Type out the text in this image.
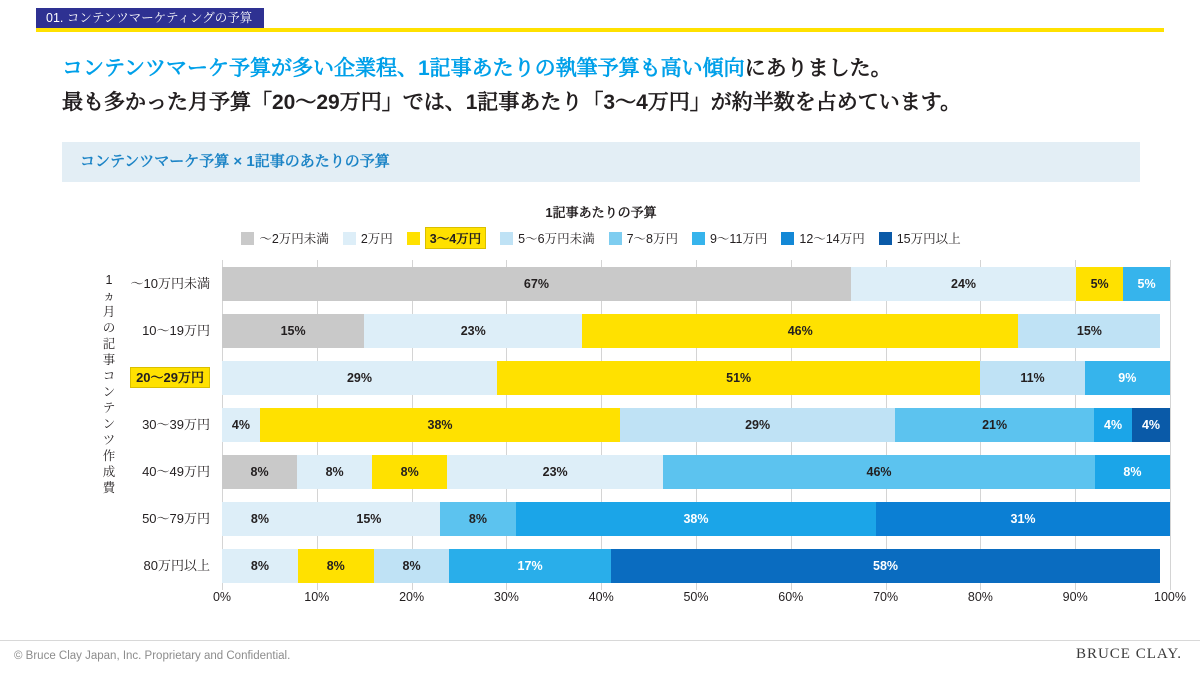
01. コンテンツマーケティングの予算
コンテンツマーケ予算が多い企業程、1記事あたりの執筆予算も高い傾向にありました。
最も多かった月予算「20〜29万円」では、1記事あたり「3〜4万円」が約半数を占めています。
コンテンツマーケ予算 × 1記事のあたりの予算
1記事あたりの予算
〜2万円未満	2万円	3〜4万円	5〜6万円未満	7〜8万円	9〜11万円	12〜14万円	15万円以上
1
ヵ
月
の
記
事
コ
ン
テ
ン
ツ
作
成
費
67%	24%	5%	5%
〜10万円未満
15%	23%	46%	15%
10〜19万円
29%	51%	11%	9%
20〜29万円
4%	38%	29%	21%	4%	4%
30〜39万円
8%	8%	8%	23%	46%	8%
40〜49万円
8%	15%	8%	38%	31%
50〜79万円
8%	8%	8%	17%	58%
80万円以上
0%	10%	20%	30%	40%	50%	60%	70%	80%	90%	100%
© Bruce Clay Japan, Inc. Proprietary and Confidential.	BRUCE CLAY.
